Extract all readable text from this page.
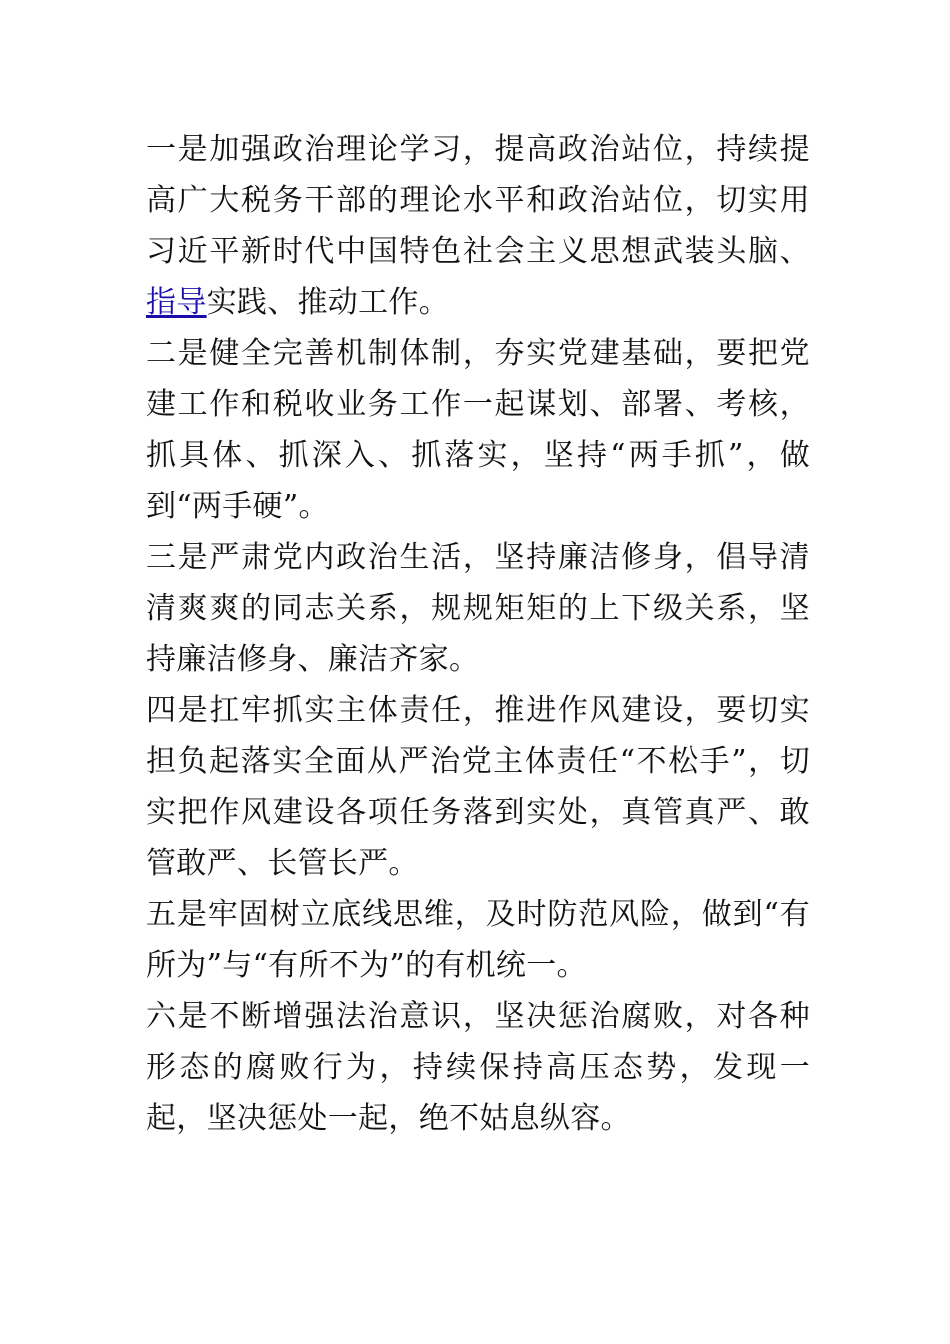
一是加强政治理论学习，提高政治站位，持续提高广大税务干部的理论水平和政治站位，切实用习近平新时代中国特色社会主义思想武装头脑、指导实践、推动工作。

二是健全完善机制体制，夯实党建基础，要把党建工作和税收业务工作一起谋划、部署、考核，抓具体、抓深入、抓落实，坚持“两手抓”，做到“两手硬”。

三是严肃党内政治生活，坚持廉洁修身，倡导清清爽爽的同志关系，规规矩矩的上下级关系，坚持廉洁修身、廉洁齐家。

四是扛牢抓实主体责任，推进作风建设，要切实担负起落实全面从严治党主体责任“不松手”，切实把作风建设各项任务落到实处，真管真严、敢管敢严、长管长严。

五是牢固树立底线思维，及时防范风险，做到“有所为”与“有所不为”的有机统一。

六是不断增强法治意识，坚决惩治腐败，对各种形态的腐败行为，持续保持高压态势，发现一起，坚决惩处一起，绝不姑息纵容。
